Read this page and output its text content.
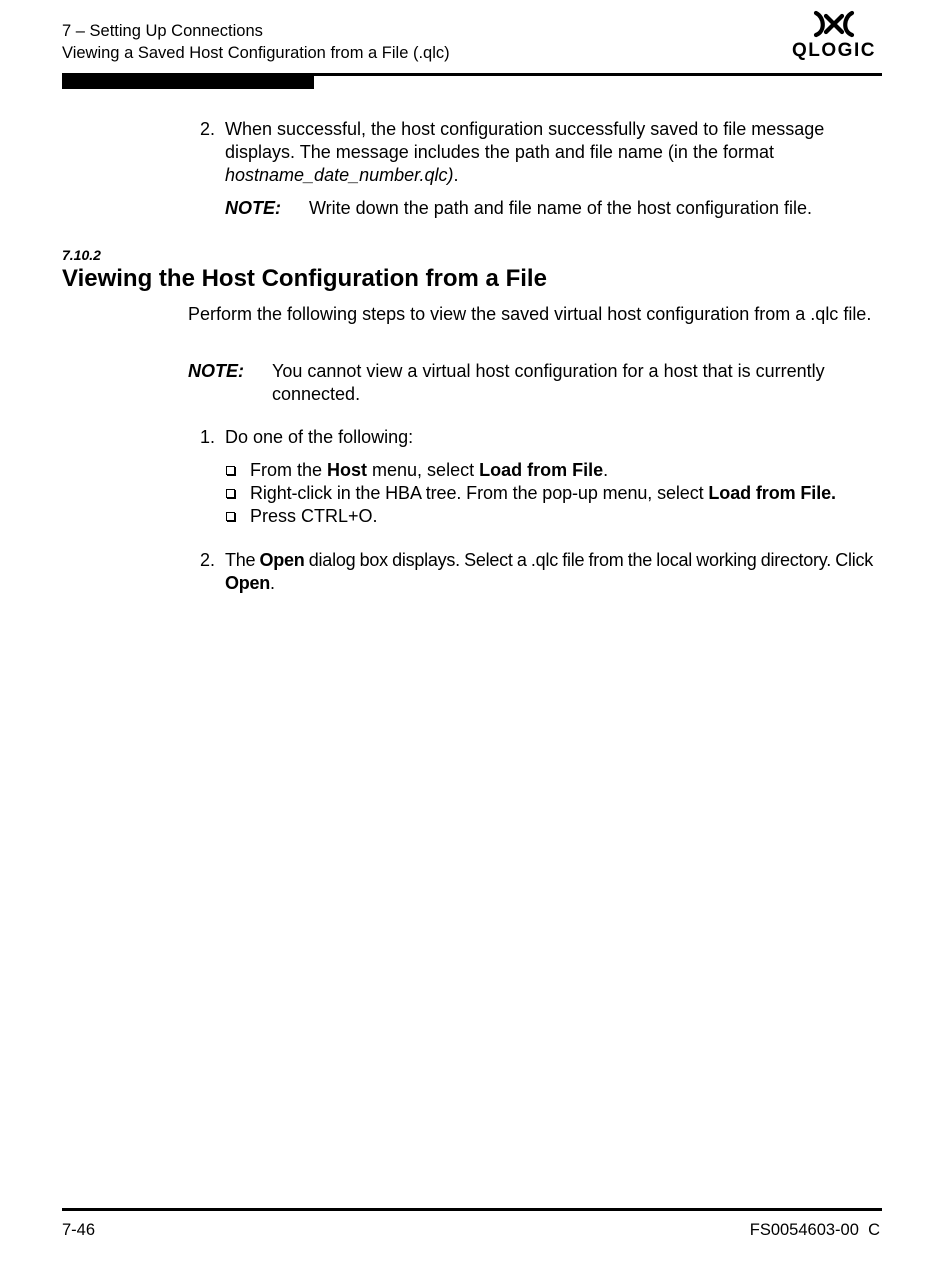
7 – Setting Up Connections
Viewing a Saved Host Configuration from a File (.qlc)	QLOGIC
2. When successful, the host configuration successfully saved to file message displays. The message includes the path and file name (in the format hostname_date_number.qlc).
NOTE: Write down the path and file name of the host configuration file.
7.10.2
Viewing the Host Configuration from a File
Perform the following steps to view the saved virtual host configuration from a .qlc file.
NOTE: You cannot view a virtual host configuration for a host that is currently connected.
1. Do one of the following:
From the Host menu, select Load from File.
Right-click in the HBA tree. From the pop-up menu, select Load from File.
Press CTRL+O.
2. The Open dialog box displays. Select a .qlc file from the local working directory. Click Open.
7-46	FS0054603-00  C
